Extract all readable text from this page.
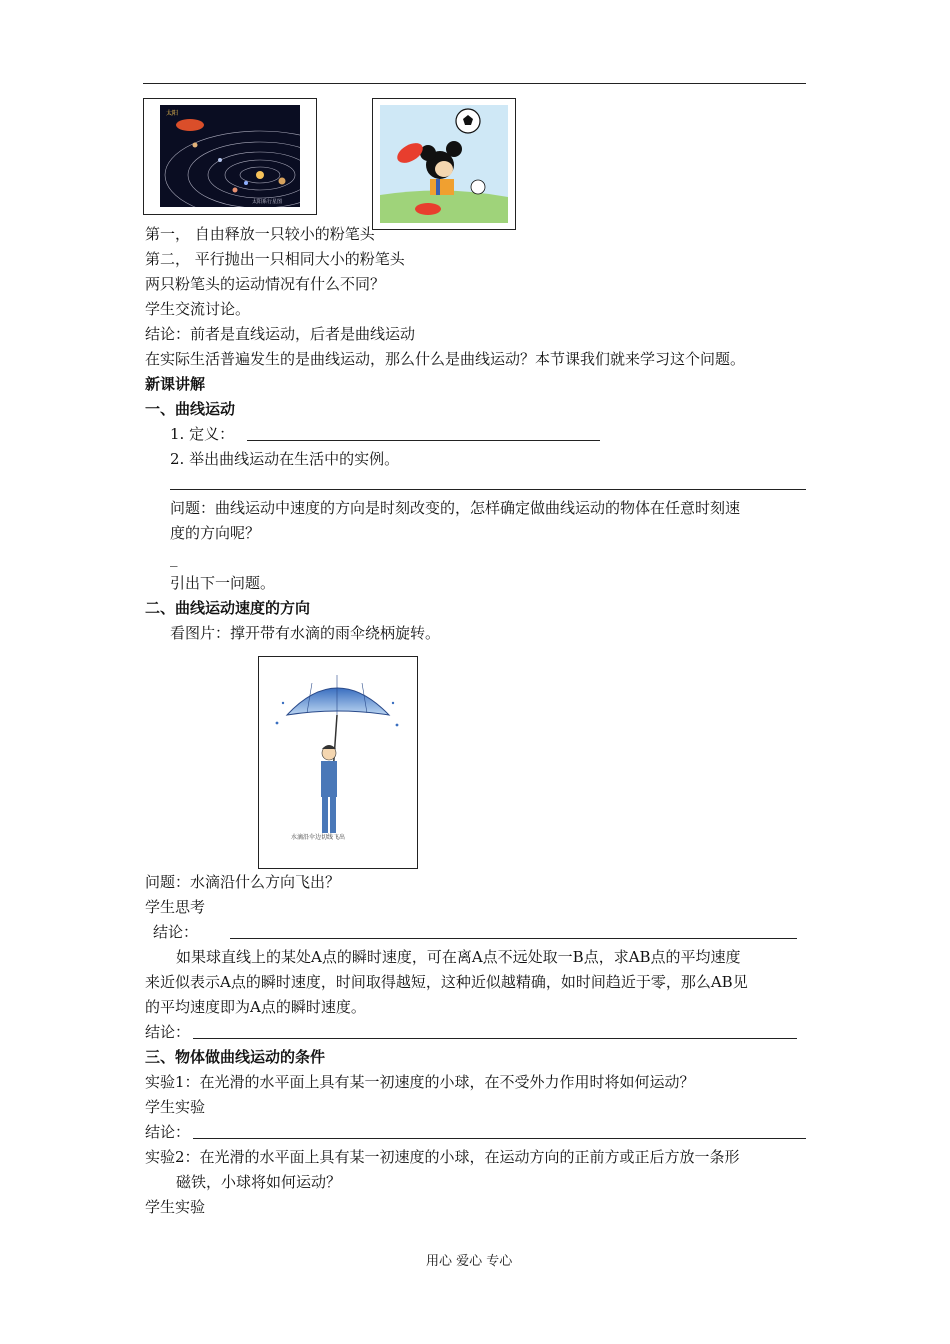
太阳
太阳系行星图
第一， 自由释放一只较小的粉笔头
第二， 平行抛出一只相同大小的粉笔头
两只粉笔头的运动情况有什么不同？
学生交流讨论。
结论：前者是直线运动，后者是曲线运动
在实际生活普遍发生的是曲线运动，那么什么是曲线运动？本节课我们就来学习这个问题。
新课讲解
一、曲线运动
1. 定义：
2. 举出曲线运动在生活中的实例。
问题：曲线运动中速度的方向是时刻改变的，怎样确定做曲线运动的物体在任意时刻速
度的方向呢？
_
引出下一问题。
二、曲线运动速度的方向
看图片：撑开带有水滴的雨伞绕柄旋转。
水滴沿伞边切线飞出
问题：水滴沿什么方向飞出？
学生思考
结论：
如果球直线上的某处A点的瞬时速度，可在离A点不远处取一B点，求AB点的平均速度
来近似表示A点的瞬时速度，时间取得越短，这种近似越精确，如时间趋近于零，那么AB见
的平均速度即为A点的瞬时速度。
结论：
三、物体做曲线运动的条件
实验1：在光滑的水平面上具有某一初速度的小球，在不受外力作用时将如何运动？
学生实验
结论：
实验2：在光滑的水平面上具有某一初速度的小球，在运动方向的正前方或正后方放一条形
磁铁，小球将如何运动？
学生实验
用心 爱心 专心
